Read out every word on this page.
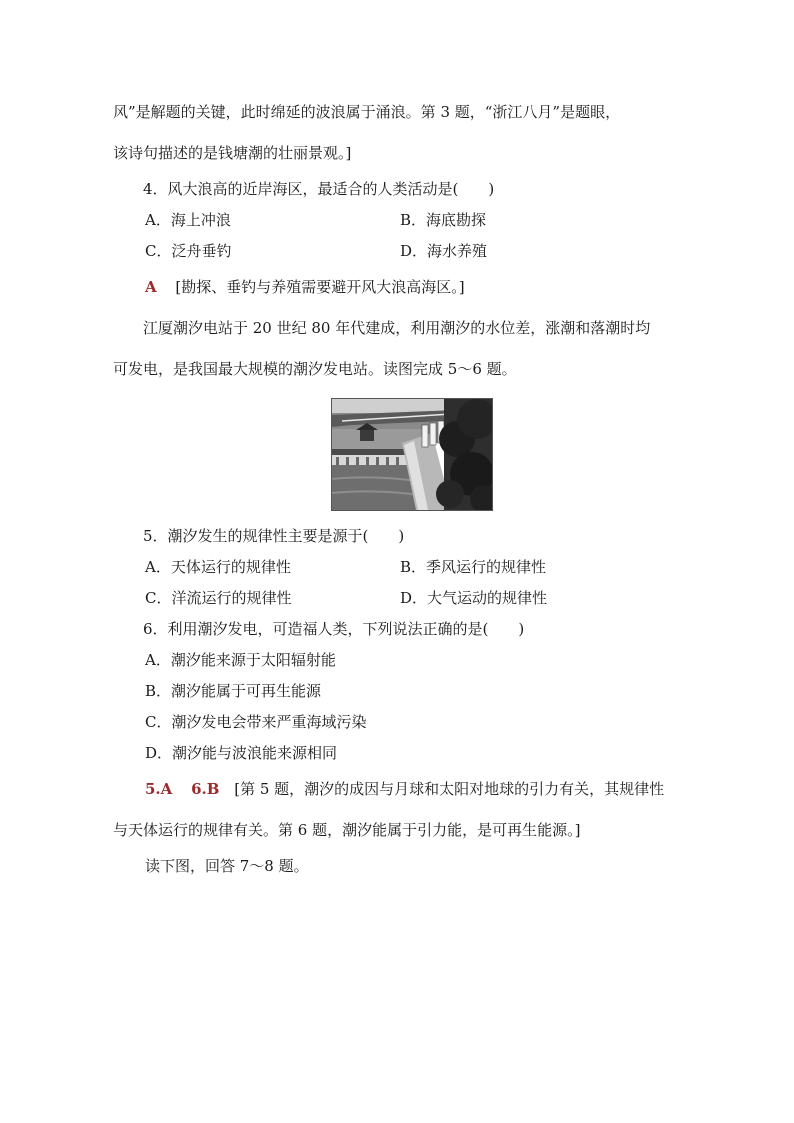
风”是解题的关键，此时绵延的波浪属于涌浪。第 3 题，“浙江八月”是题眼，
该诗句描述的是钱塘潮的壮丽景观。]
4．风大浪高的近岸海区，最适合的人类活动是(　　)
A．海上冲浪	B．海底勘探
C．泛舟垂钓	D．海水养殖
A [勘探、垂钓与养殖需要避开风大浪高海区。]
江厦潮汐电站于 20 世纪 80 年代建成，利用潮汐的水位差，涨潮和落潮时均
可发电，是我国最大规模的潮汐发电站。读图完成 5～6 题。
5．潮汐发生的规律性主要是源于(　　)
A．天体运行的规律性	B．季风运行的规律性
C．洋流运行的规律性	D．大气运动的规律性
6．利用潮汐发电，可造福人类，下列说法正确的是(　　)
A．潮汐能来源于太阳辐射能
B．潮汐能属于可再生能源
C．潮汐发电会带来严重海域污染
D．潮汐能与波浪能来源相同
5.A 6.B [第 5 题，潮汐的成因与月球和太阳对地球的引力有关，其规律性
与天体运行的规律有关。第 6 题，潮汐能属于引力能，是可再生能源。]
读下图，回答 7～8 题。
